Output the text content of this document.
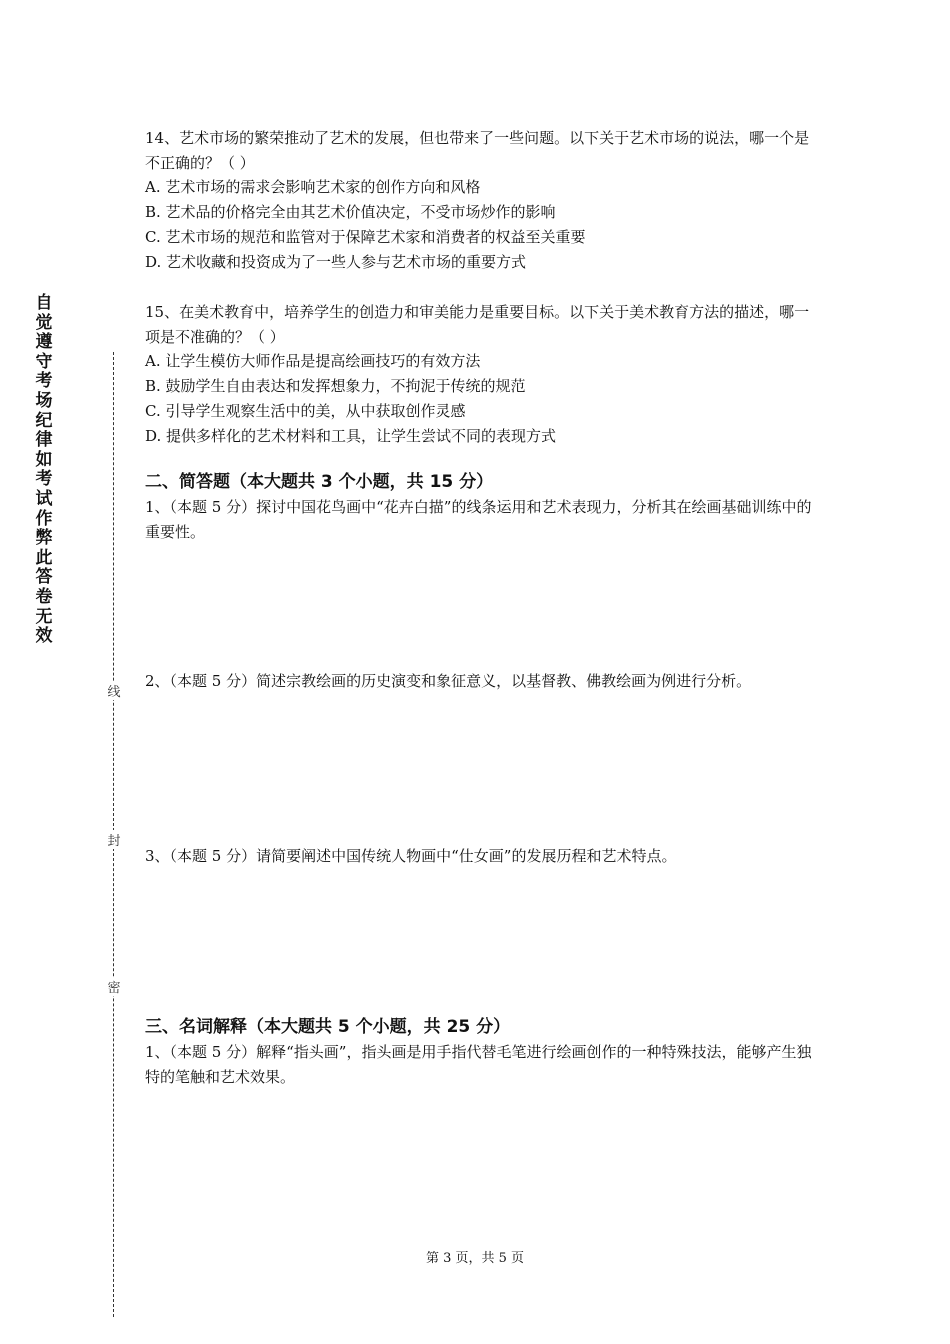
自觉遵守考场纪律如考试作弊此答卷无效
线
封
密

14、艺术市场的繁荣推动了艺术的发展，但也带来了一些问题。以下关于艺术市场的说法，哪一个是不正确的？（ ）

A. 艺术市场的需求会影响艺术家的创作方向和风格

B. 艺术品的价格完全由其艺术价值决定，不受市场炒作的影响

C. 艺术市场的规范和监管对于保障艺术家和消费者的权益至关重要

D. 艺术收藏和投资成为了一些人参与艺术市场的重要方式

15、在美术教育中，培养学生的创造力和审美能力是重要目标。以下关于美术教育方法的描述，哪一项是不准确的？（ ）

A. 让学生模仿大师作品是提高绘画技巧的有效方法

B. 鼓励学生自由表达和发挥想象力，不拘泥于传统的规范

C. 引导学生观察生活中的美，从中获取创作灵感

D. 提供多样化的艺术材料和工具，让学生尝试不同的表现方式

二、简答题（本大题共 3 个小题，共 15 分）

1、（本题 5 分）探讨中国花鸟画中“花卉白描”的线条运用和艺术表现力，分析其在绘画基础训练中的重要性。

2、（本题 5 分）简述宗教绘画的历史演变和象征意义，以基督教、佛教绘画为例进行分析。

3、（本题 5 分）请简要阐述中国传统人物画中“仕女画”的发展历程和艺术特点。

三、名词解释（本大题共 5 个小题，共 25 分）

1、（本题 5 分）解释“指头画”，指头画是用手指代替毛笔进行绘画创作的一种特殊技法，能够产生独特的笔触和艺术效果。

第 3 页，共 5 页
